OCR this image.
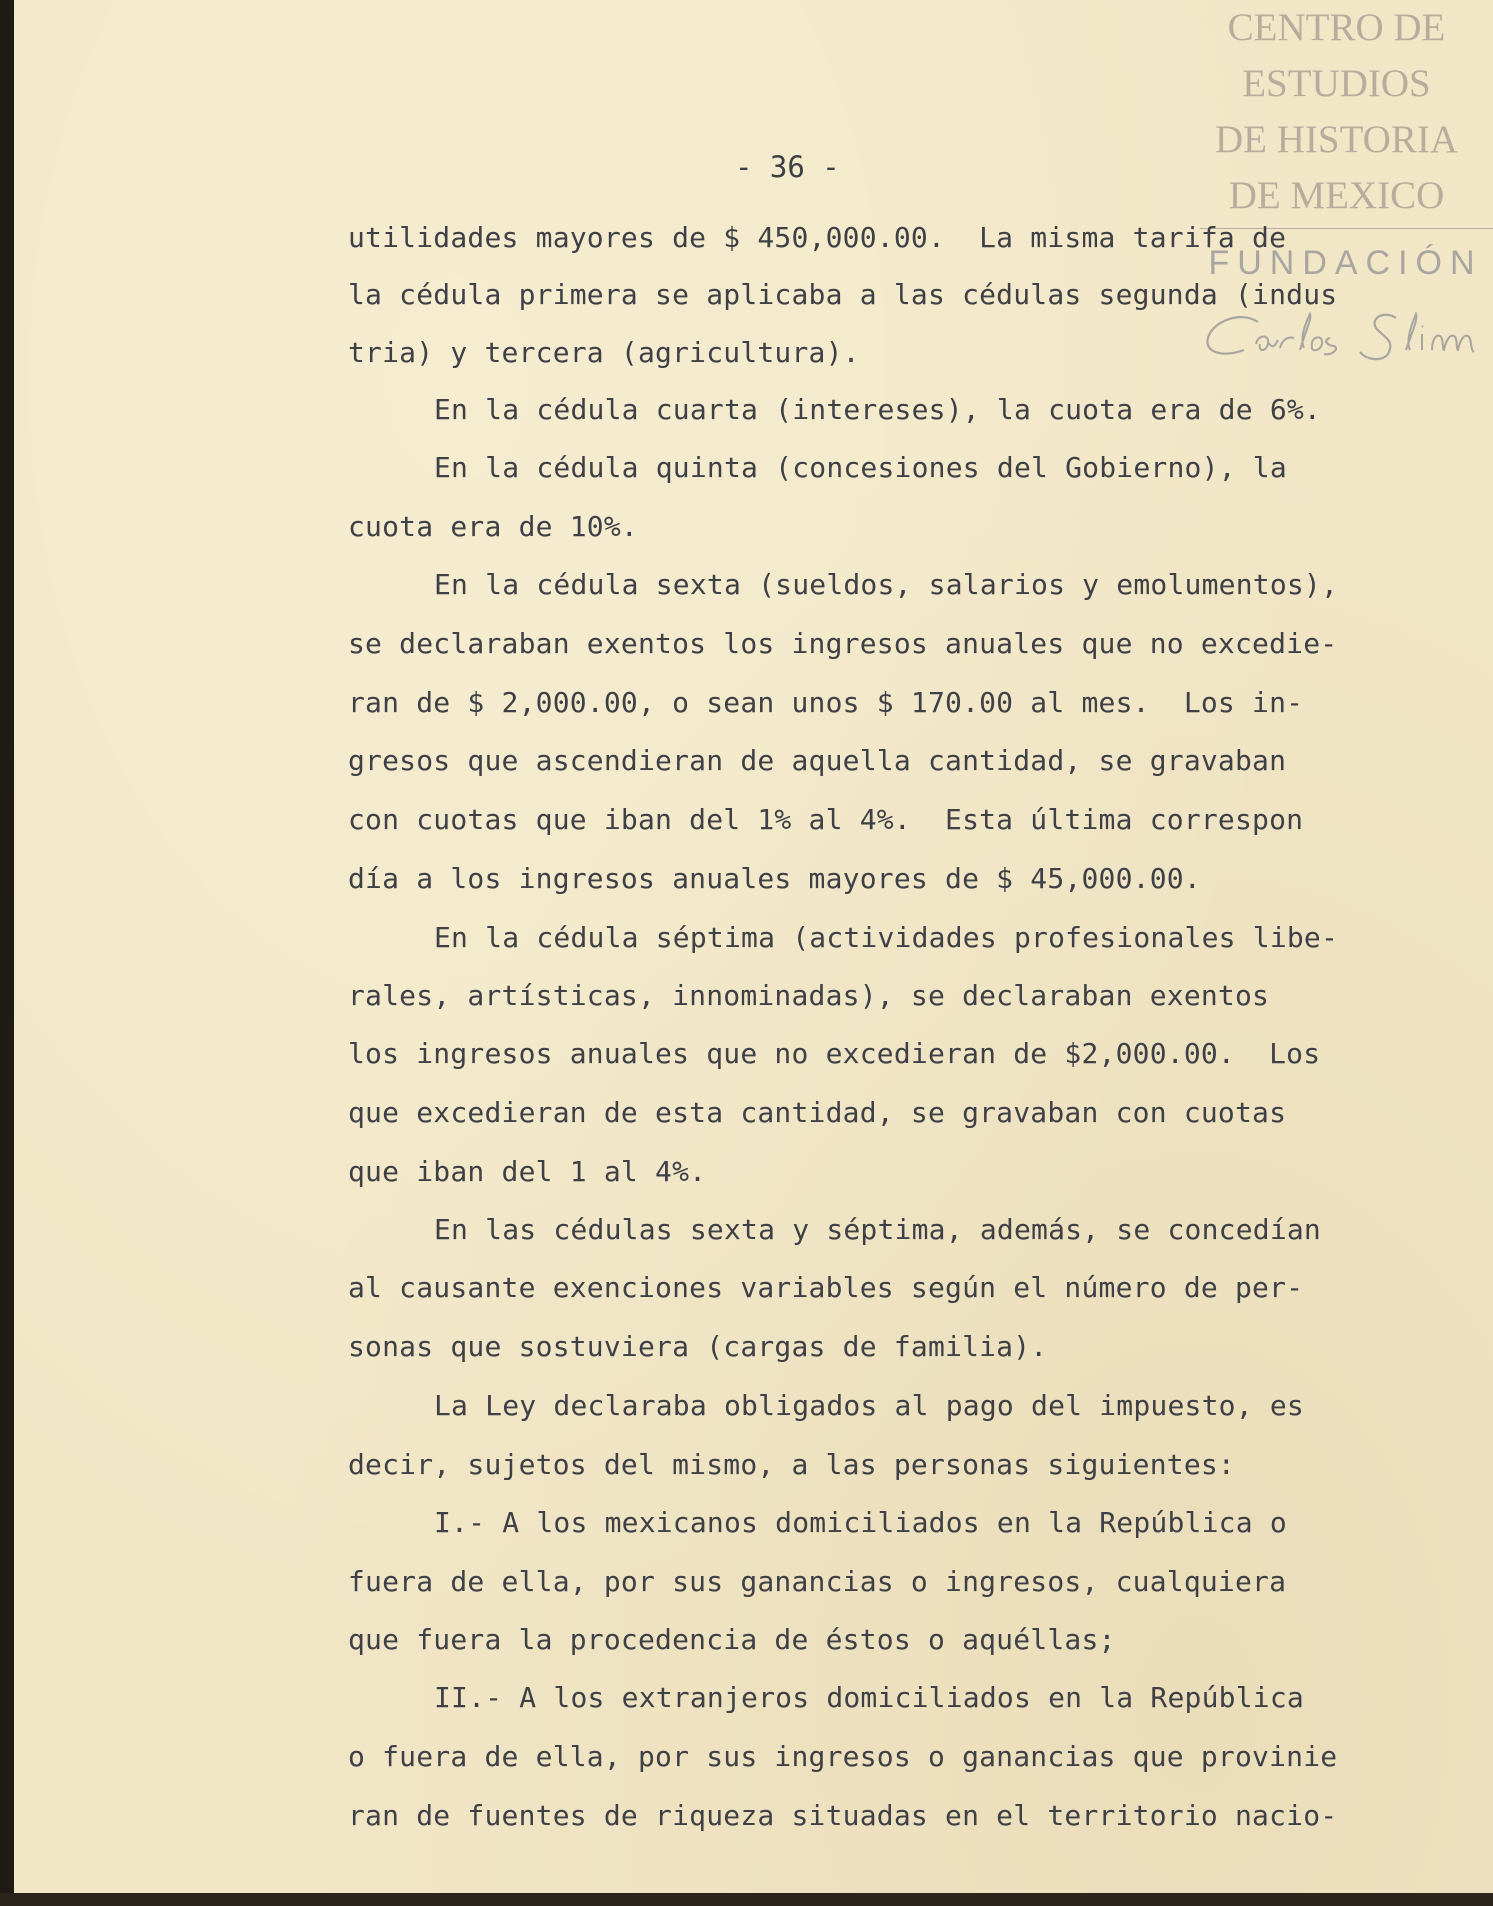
CENTRO DE
ESTUDIOS
DE HISTORIA
DE MEXICO
FUNDACIÓN
- 36 -
utilidades mayores de $ 450,000.00.  La misma tarifa de
la cédula primera se aplicaba a las cédulas segunda (indus
tria) y tercera (agricultura).
En la cédula cuarta (intereses), la cuota era de 6%.
En la cédula quinta (concesiones del Gobierno), la
cuota era de 10%.
En la cédula sexta (sueldos, salarios y emolumentos),
se declaraban exentos los ingresos anuales que no excedie-
ran de $ 2,000.00, o sean unos $ 170.00 al mes.  Los in-
gresos que ascendieran de aquella cantidad, se gravaban
con cuotas que iban del 1% al 4%.  Esta última correspon
día a los ingresos anuales mayores de $ 45,000.00.
En la cédula séptima (actividades profesionales libe-
rales, artísticas, innominadas), se declaraban exentos
los ingresos anuales que no excedieran de $2,000.00.  Los
que excedieran de esta cantidad, se gravaban con cuotas
que iban del 1 al 4%.
En las cédulas sexta y séptima, además, se concedían
al causante exenciones variables según el número de per-
sonas que sostuviera (cargas de familia).
La Ley declaraba obligados al pago del impuesto, es
decir, sujetos del mismo, a las personas siguientes:
I.- A los mexicanos domiciliados en la República o
fuera de ella, por sus ganancias o ingresos, cualquiera
que fuera la procedencia de éstos o aquéllas;
II.- A los extranjeros domiciliados en la República
o fuera de ella, por sus ingresos o ganancias que provinie
ran de fuentes de riqueza situadas en el territorio nacio-
